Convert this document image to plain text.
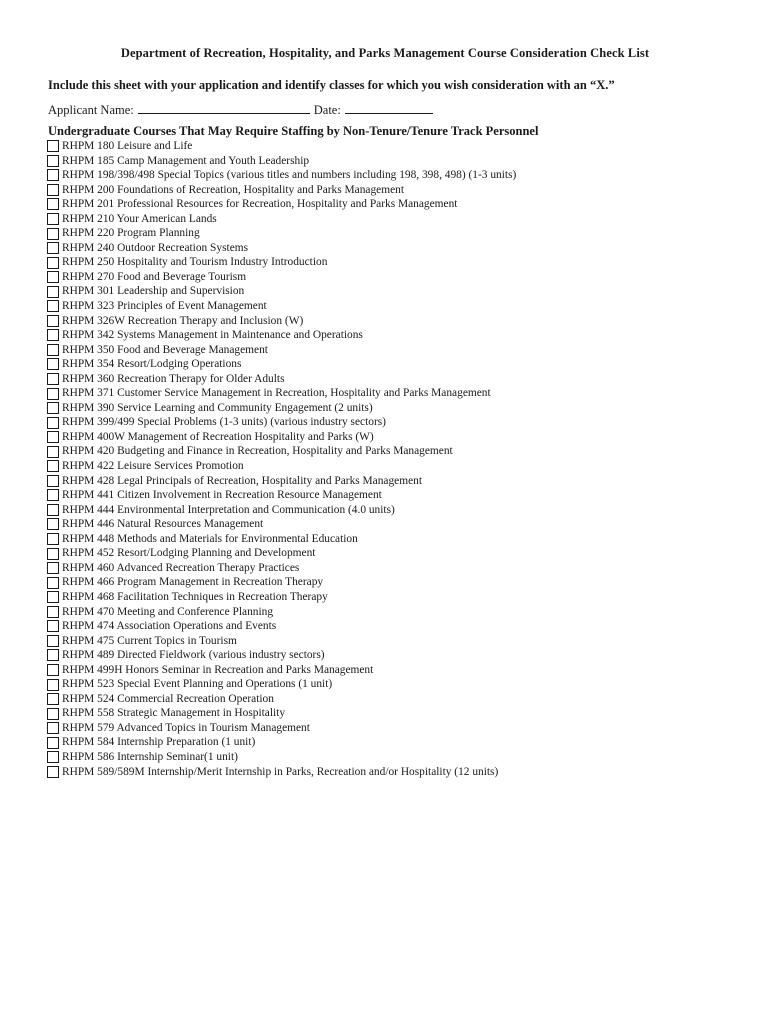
Department of Recreation, Hospitality, and Parks Management Course Consideration Check List
Include this sheet with your application and identify classes for which you wish consideration with an “X.”
Applicant Name:	Date:
Undergraduate Courses That May Require Staffing by Non-Tenure/Tenure Track Personnel
RHPM 180 Leisure and Life
RHPM 185 Camp Management and Youth Leadership
RHPM 198/398/498 Special Topics (various titles and numbers including 198, 398, 498) (1-3 units)
RHPM 200 Foundations of Recreation, Hospitality and Parks Management
RHPM 201 Professional Resources for Recreation, Hospitality and Parks Management
RHPM 210 Your American Lands
RHPM 220 Program Planning
RHPM 240 Outdoor Recreation Systems
RHPM 250 Hospitality and Tourism Industry Introduction
RHPM 270 Food and Beverage Tourism
RHPM 301 Leadership and Supervision
RHPM 323 Principles of Event Management
RHPM 326W Recreation Therapy and Inclusion (W)
RHPM 342 Systems Management in Maintenance and Operations
RHPM 350 Food and Beverage Management
RHPM 354 Resort/Lodging Operations
RHPM 360 Recreation Therapy for Older Adults
RHPM 371 Customer Service Management in Recreation, Hospitality and Parks Management
RHPM 390 Service Learning and Community Engagement (2 units)
RHPM 399/499 Special Problems (1-3 units) (various industry sectors)
RHPM 400W Management of Recreation Hospitality and Parks (W)
RHPM 420 Budgeting and Finance in Recreation, Hospitality and Parks Management
RHPM 422 Leisure Services Promotion
RHPM 428 Legal Principals of Recreation, Hospitality and Parks Management
RHPM 441 Citizen Involvement in Recreation Resource Management
RHPM 444 Environmental Interpretation and Communication (4.0 units)
RHPM 446 Natural Resources Management
RHPM 448 Methods and Materials for Environmental Education
RHPM 452 Resort/Lodging Planning and Development
RHPM 460 Advanced Recreation Therapy Practices
RHPM 466 Program Management in Recreation Therapy
RHPM 468 Facilitation Techniques in Recreation Therapy
RHPM 470 Meeting and Conference Planning
RHPM 474 Association Operations and Events
RHPM 475 Current Topics in Tourism
RHPM 489 Directed Fieldwork (various industry sectors)
RHPM 499H Honors Seminar in Recreation and Parks Management
RHPM 523 Special Event Planning and Operations (1 unit)
RHPM 524 Commercial Recreation Operation
RHPM 558 Strategic Management in Hospitality
RHPM 579 Advanced Topics in Tourism Management
RHPM 584 Internship Preparation (1 unit)
RHPM 586 Internship Seminar(1 unit)
RHPM 589/589M Internship/Merit Internship in Parks, Recreation and/or Hospitality (12 units)
